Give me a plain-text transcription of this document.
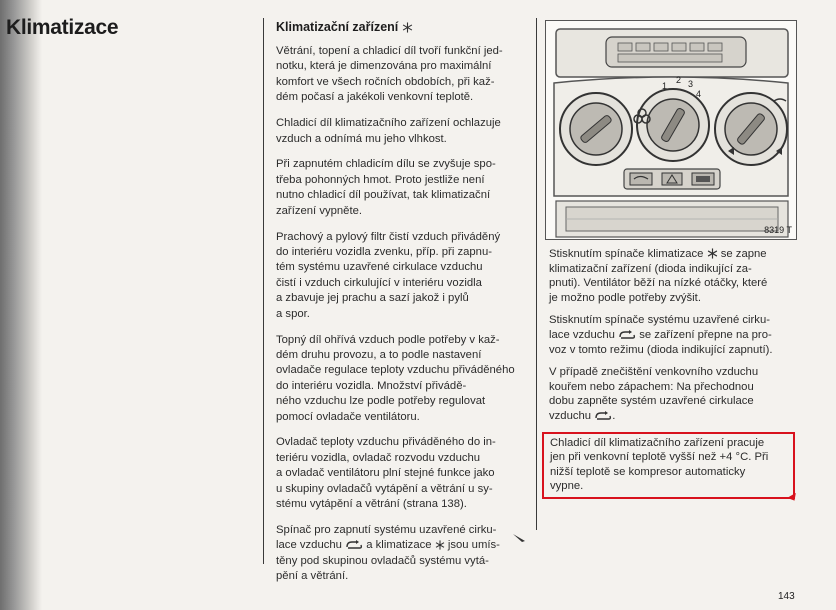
Klimatizace	Klimatizační zařízení

Větrání, topení a chladicí díl tvoří funkční jed-
notku, která je dimenzována pro maximální
komfort ve všech ročních obdobích, při kaž-
dém počasí a jakékoli venkovní teplotě.

Chladicí díl klimatizačního zařízení ochlazuje
vzduch a odnímá mu jeho vlhkost.

Při zapnutém chladicím dílu se zvyšuje spo-
třeba pohonných hmot. Proto jestliže není
nutno chladicí díl používat, tak klimatizační
zařízení vypněte.

Prachový a pylový filtr čistí vzduch přiváděný
do interiéru vozidla zvenku, příp. při zapnu-
tém systému uzavřené cirkulace vzduchu
čistí i vzduch cirkulující v interiéru vozidla
a zbavuje jej prachu a sazí jakož i pylů
a spor.

Topný díl ohřívá vzduch podle potřeby v kaž-
dém druhu provozu, a to podle nastavení
ovladače regulace teploty vzduchu přiváděného
do interiéru vozidla. Množství přivádě-
ného vzduchu lze podle potřeby regulovat
pomocí ovladače ventilátoru.

Ovladač teploty vzduchu přiváděného do in-
teriéru vozidla, ovladač rozvodu vzduchu
a ovladač ventilátoru plní stejné funkce jako
u skupiny ovladačů vytápění a větrání u sy-
stému vytápění a větrání (strana 138).

Spínač pro zapnutí systému uzavřené cirku-
lace vzduchu a klimatizace jsou umís-
těny pod skupinou ovladačů systému vytá-
pění a větrání.

1
2 3
4
8319 T

Stisknutím spínače klimatizace se zapne
klimatizační zařízení (dioda indikující za-
pnuti). Ventilátor běží na nízké otáčky, které
je možno podle potřeby zvýšit.

Stisknutím spínače systému uzavřené cirku-
lace vzduchu se zařízení přepne na pro-
voz v tomto režimu (dioda indikující zapnutí).

V případě znečištění venkovního vzduchu
kouřem nebo zápachem: Na přechodnou
dobu zapněte systém uzavřené cirkulace
vzduchu .

Chladicí díl klimatizačního zařízení pracuje
jen při venkovní teplotě vyšší než +4 °C. Při
nižší teplotě se kompresor automaticky
vypne.

143
